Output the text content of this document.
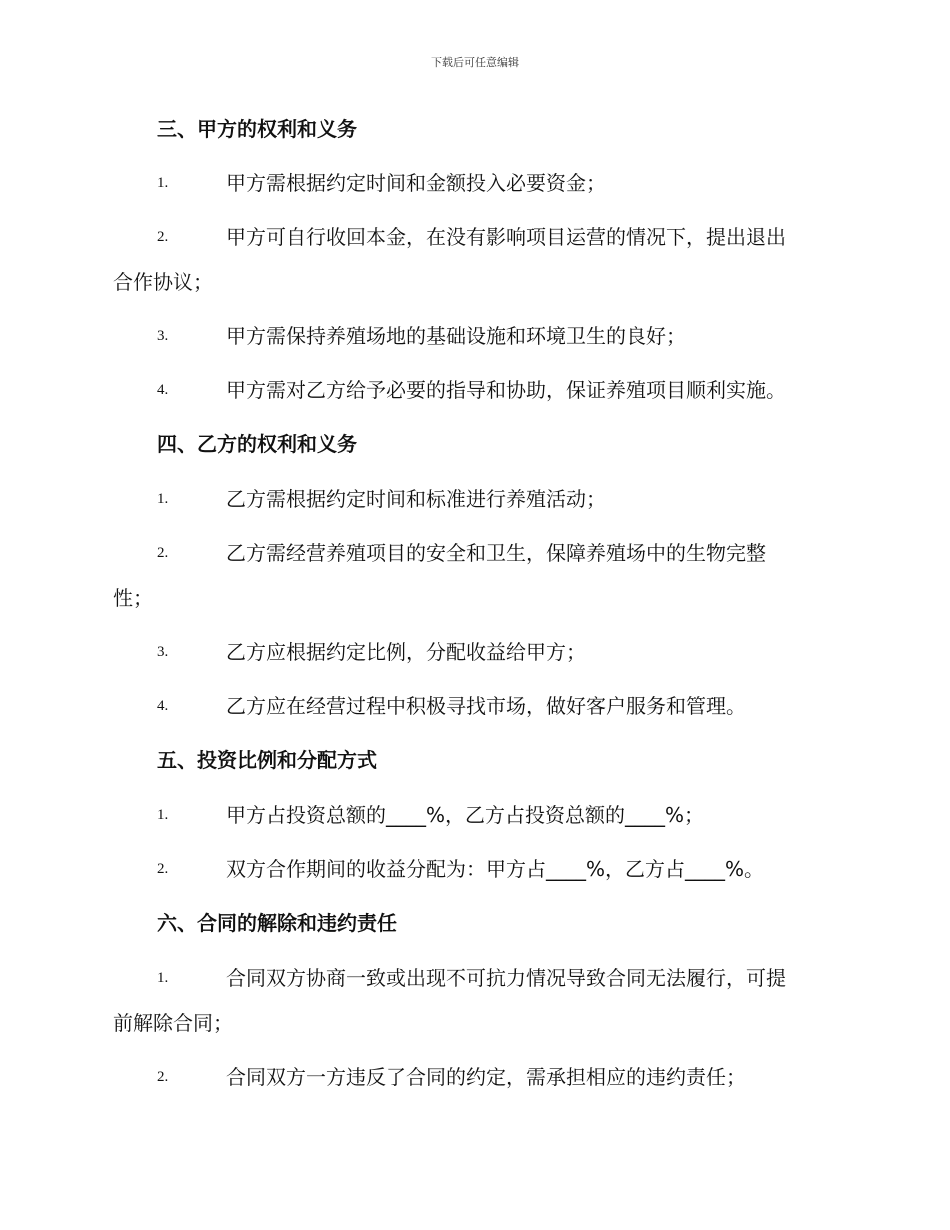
下载后可任意编辑
三、甲方的权利和义务
1.	甲方需根据约定时间和金额投入必要资金；
2.	甲方可自行收回本金，在没有影响项目运营的情况下，提出退出
合作协议；
3.	甲方需保持养殖场地的基础设施和环境卫生的良好；
4.	甲方需对乙方给予必要的指导和协助，保证养殖项目顺利实施。
四、乙方的权利和义务
1.	乙方需根据约定时间和标准进行养殖活动；
2.	乙方需经营养殖项目的安全和卫生，保障养殖场中的生物完整
性；
3.	乙方应根据约定比例，分配收益给甲方；
4.	乙方应在经营过程中积极寻找市场，做好客户服务和管理。
五、投资比例和分配方式
1.	甲方占投资总额的____%，乙方占投资总额的____%；
2.	双方合作期间的收益分配为：甲方占____%，乙方占____%。
六、合同的解除和违约责任
1.	合同双方协商一致或出现不可抗力情况导致合同无法履行，可提
前解除合同；
2.	合同双方一方违反了合同的约定，需承担相应的违约责任；
